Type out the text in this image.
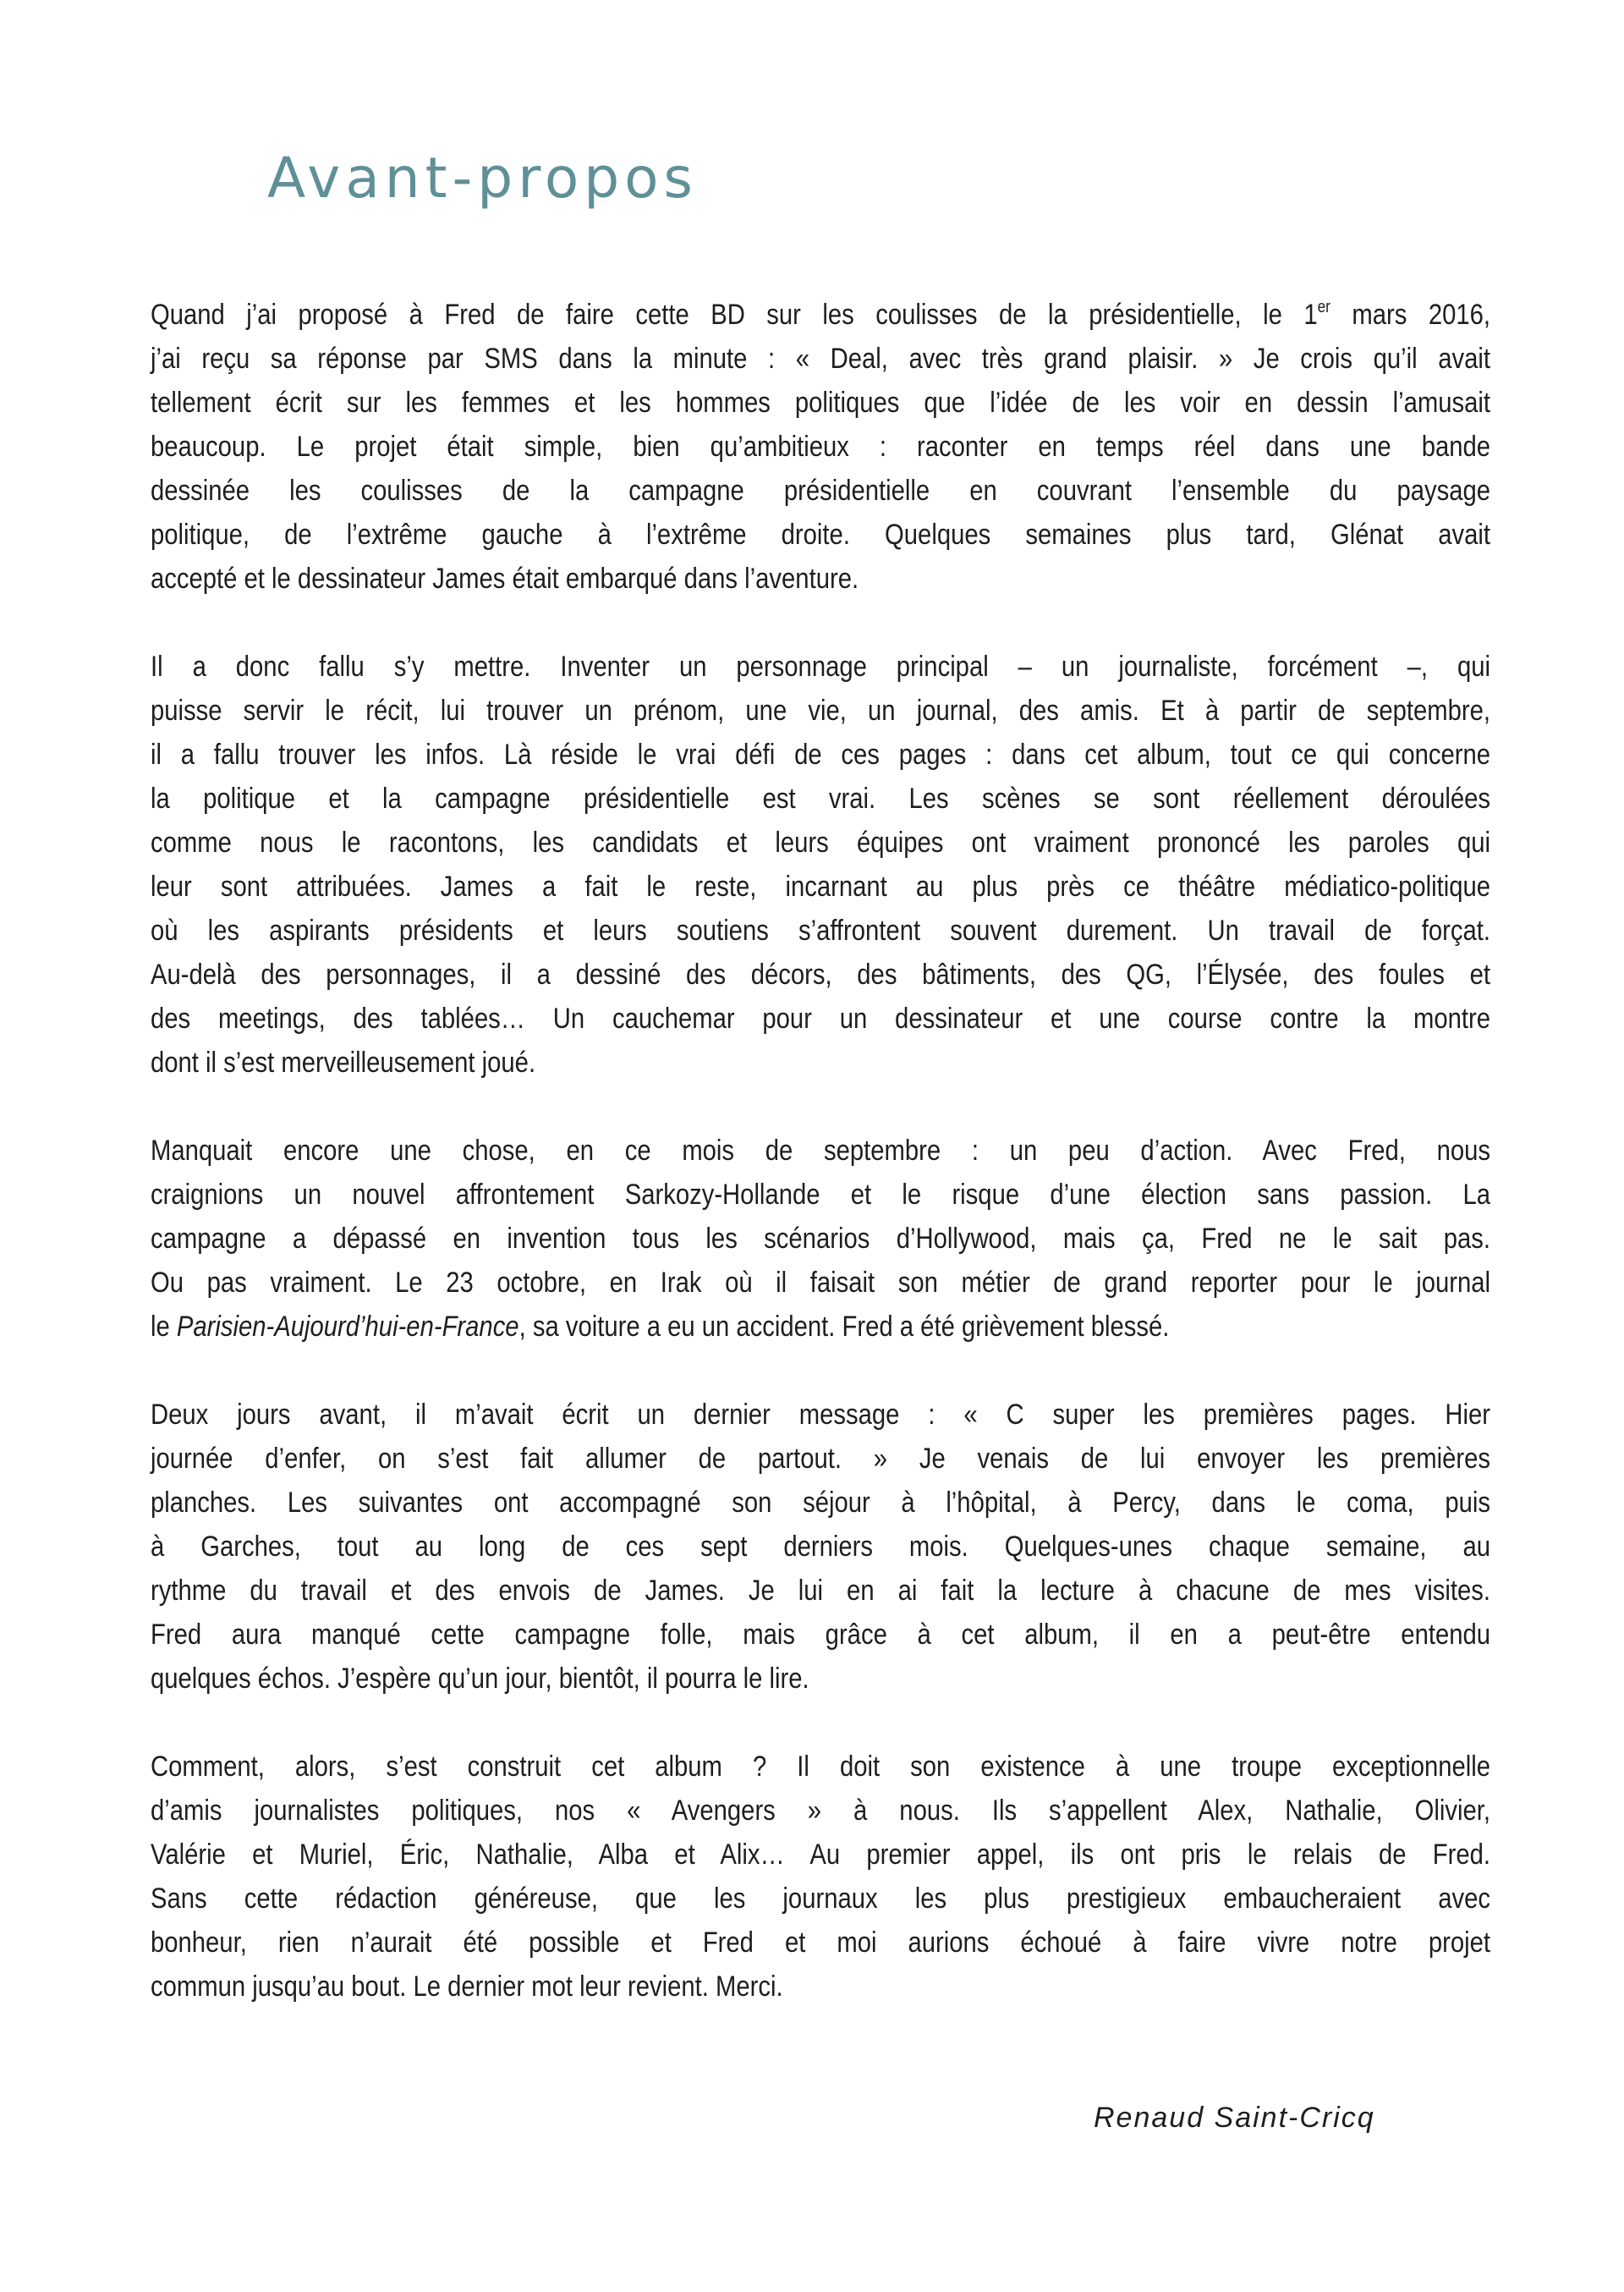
Avant-propos

Quand j’ai proposé à Fred de faire cette BD sur les coulisses de la présidentielle, le 1er mars 2016,
j’ai reçu sa réponse par SMS dans la minute : « Deal, avec très grand plaisir. » Je crois qu’il avait
tellement écrit sur les femmes et les hommes politiques que l’idée de les voir en dessin l’amusait
beaucoup. Le projet était simple, bien qu’ambitieux : raconter en temps réel dans une bande
dessinée les coulisses de la campagne présidentielle en couvrant l’ensemble du paysage
politique, de l’extrême gauche à l’extrême droite. Quelques semaines plus tard, Glénat avait
accepté et le dessinateur James était embarqué dans l’aventure.

Il a donc fallu s’y mettre. Inventer un personnage principal – un journaliste, forcément –, qui
puisse servir le récit, lui trouver un prénom, une vie, un journal, des amis. Et à partir de septembre,
il a fallu trouver les infos. Là réside le vrai défi de ces pages : dans cet album, tout ce qui concerne
la politique et la campagne présidentielle est vrai. Les scènes se sont réellement déroulées
comme nous le racontons, les candidats et leurs équipes ont vraiment prononcé les paroles qui
leur sont attribuées. James a fait le reste, incarnant au plus près ce théâtre médiatico-politique
où les aspirants présidents et leurs soutiens s’affrontent souvent durement. Un travail de forçat.
Au-delà des personnages, il a dessiné des décors, des bâtiments, des QG, l’Élysée, des foules et
des meetings, des tablées… Un cauchemar pour un dessinateur et une course contre la montre
dont il s’est merveilleusement joué.

Manquait encore une chose, en ce mois de septembre : un peu d’action. Avec Fred, nous
craignions un nouvel affrontement Sarkozy-Hollande et le risque d’une élection sans passion. La
campagne a dépassé en invention tous les scénarios d’Hollywood, mais ça, Fred ne le sait pas.
Ou pas vraiment. Le 23 octobre, en Irak où il faisait son métier de grand reporter pour le journal
le Parisien-Aujourd’hui-en-France, sa voiture a eu un accident. Fred a été grièvement blessé.

Deux jours avant, il m’avait écrit un dernier message : « C super les premières pages. Hier
journée d’enfer, on s’est fait allumer de partout. » Je venais de lui envoyer les premières
planches. Les suivantes ont accompagné son séjour à l’hôpital, à Percy, dans le coma, puis
à Garches, tout au long de ces sept derniers mois. Quelques-unes chaque semaine, au
rythme du travail et des envois de James. Je lui en ai fait la lecture à chacune de mes visites.
Fred aura manqué cette campagne folle, mais grâce à cet album, il en a peut-être entendu
quelques échos. J’espère qu’un jour, bientôt, il pourra le lire.

Comment, alors, s’est construit cet album ? Il doit son existence à une troupe exceptionnelle
d’amis journalistes politiques, nos « Avengers » à nous. Ils s’appellent Alex, Nathalie, Olivier,
Valérie et Muriel, Éric, Nathalie, Alba et Alix… Au premier appel, ils ont pris le relais de Fred.
Sans cette rédaction généreuse, que les journaux les plus prestigieux embaucheraient avec
bonheur, rien n’aurait été possible et Fred et moi aurions échoué à faire vivre notre projet
commun jusqu’au bout. Le dernier mot leur revient. Merci.

Renaud Saint-Cricq
